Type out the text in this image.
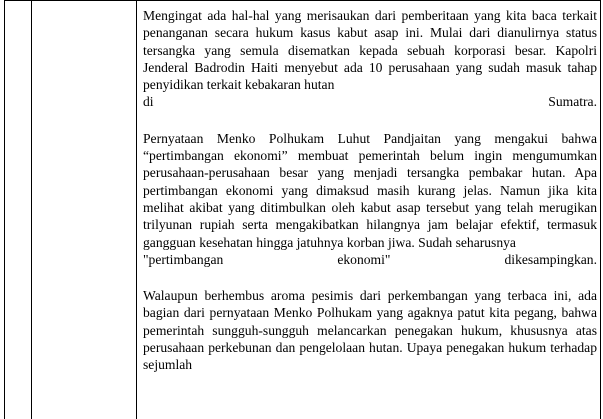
Mengingat ada hal-hal yang merisaukan dari pemberitaan yang kita baca terkait penanganan secara hukum kasus kabut asap ini. Mulai dari dianulirnya status tersangka yang semula disematkan kepada sebuah korporasi besar. Kapolri Jenderal Badrodin Haiti menyebut ada 10 perusahaan yang sudah masuk tahap penyidikan terkait kebakaran hutan
di Sumatra.

Pernyataan Menko Polhukam Luhut Pandjaitan yang mengakui bahwa “pertimbangan ekonomi” membuat pemerintah belum ingin mengumumkan perusahaan-perusahaan besar yang menjadi tersangka pembakar hutan. Apa pertimbangan ekonomi yang dimaksud masih kurang jelas. Namun jika kita melihat akibat yang ditimbulkan oleh kabut asap tersebut yang telah merugikan trilyunan rupiah serta mengakibatkan hilangnya jam belajar efektif, termasuk gangguan kesehatan hingga jatuhnya korban jiwa. Sudah seharusnya
"pertimbangan ekonomi" dikesampingkan.

Walaupun berhembus aroma pesimis dari perkembangan yang terbaca ini, ada bagian dari pernyataan Menko Polhukam yang agaknya patut kita pegang, bahwa pemerintah sungguh-sungguh melancarkan penegakan hukum, khususnya atas perusahaan perkebunan dan pengelolaan hutan. Upaya penegakan hukum terhadap sejumlah
